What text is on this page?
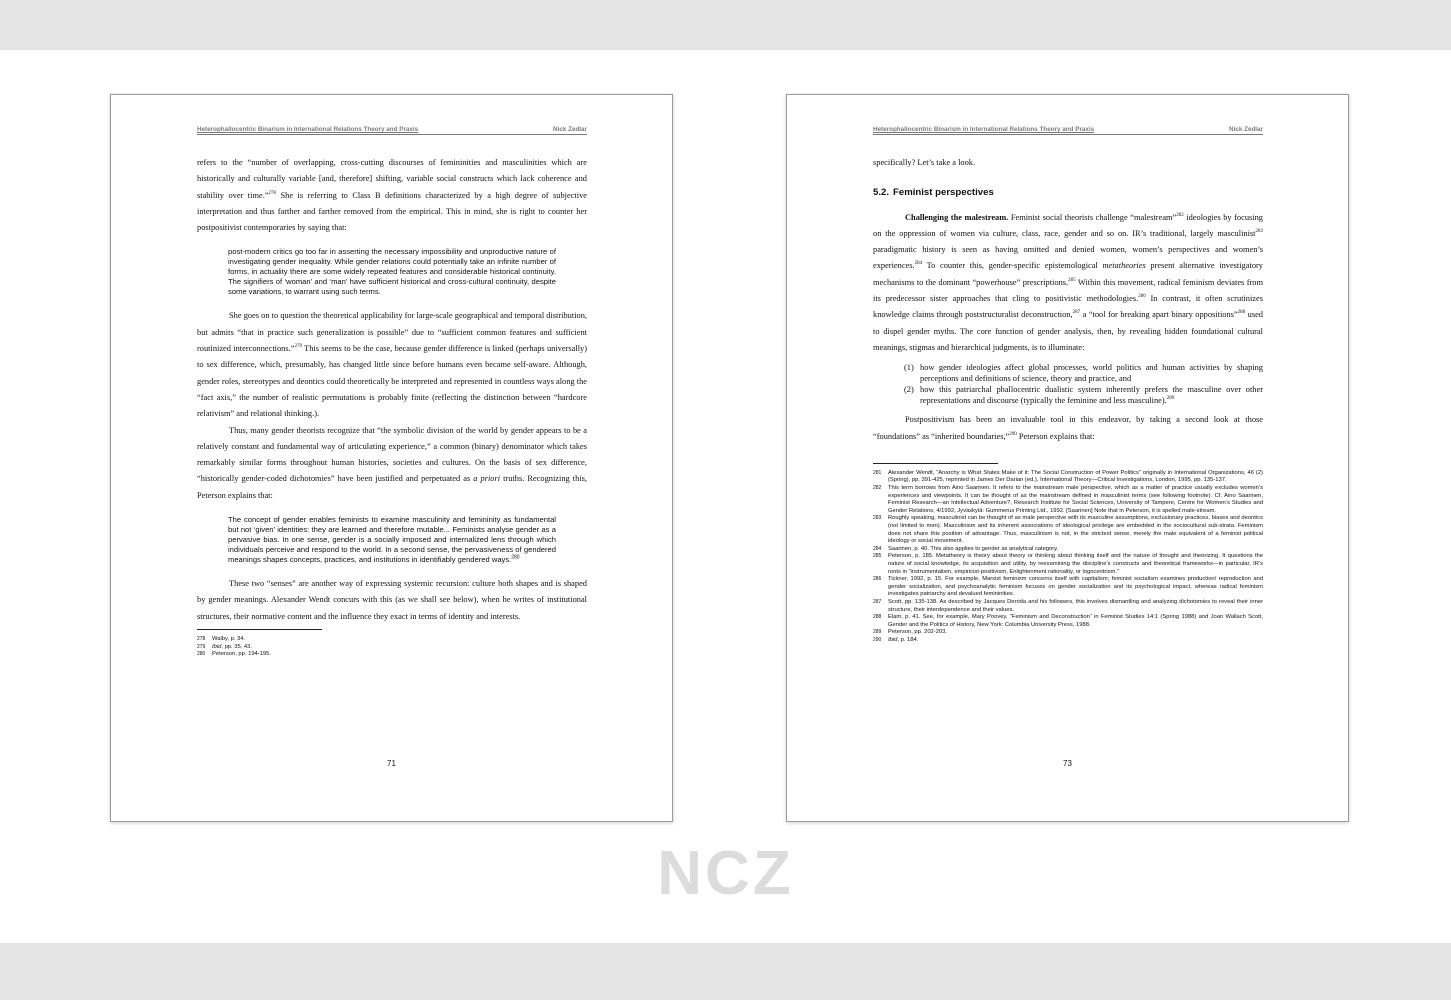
Heterophallocentric Binarism in International Relations Theory and Praxis	Nick Zedlar

refers to the “number of overlapping, cross-cutting discourses of femininities and masculinities which are historically and culturally variable [and, therefore] shifting, variable social constructs which lack coherence and stability over time.”$^{278}$ She is referring to Class B definitions characterized by a high degree of subjective interpretation and thus farther and farther removed from the empirical. This in mind, she is right to counter her postpositivist contemporaries by saying that:

post-modern critics go too far in asserting the necessary impossibility and unproductive nature of investigating gender inequality. While gender relations could potentially take an infinite number of forms, in actuality there are some widely repeated features and considerable historical continuity. The signifiers of ‘woman’ and ‘man’ have sufficient historical and cross-cultural continuity, despite some variations, to warrant using such terms.

She goes on to question the theoretical applicability for large-scale geographical and temporal distribution, but admits “that in practice such generalization is possible” due to “sufficient common features and sufficient routinized interconnections.”$^{279}$ This seems to be the case, because gender difference is linked (perhaps universally) to sex difference, which, presumably, has changed little since before humans even became self-aware. Although, gender roles, stereotypes and deontics could theoretically be interpreted and represented in countless ways along the “fact axis,” the number of realistic permutations is probably finite (reflecting the distinction between “hardcore relativism” and relational thinking.).

Thus, many gender theorists recognize that “the symbolic division of the world by gender appears to be a relatively constant and fundamental way of articulating experience,” a common (binary) denominator which takes remarkably similar forms throughout human histories, societies and cultures. On the basis of sex difference, “historically gender-coded dichotomies” have been justified and perpetuated as a priori truths. Recognizing this, Peterson explains that:

The concept of gender enables feminists to examine masculinity and femininity as fundamental but not ‘given’ identities: they are learned and therefore mutable... Feminists analyse gender as a pervasive bias. In one sense, gender is a socially imposed and internalized lens through which individuals perceive and respond to the world. In a second sense, the pervasiveness of gendered meanings shapes concepts, practices, and institutions in identifiably gendered ways.$^{280}$

These two “senses” are another way of expressing systemic recursion: culture both shapes and is shaped by gender meanings. Alexander Wendt concurs with this (as we shall see below), when he writes of institutional structures, their normative content and the influence they exact in terms of identity and interests.

278	Walby, p. 34.
279	Ibid, pp. 35, 43.
280	Peterson, pp. 194-195.
71
Heterophallocentric Binarism in International Relations Theory and Praxis	Nick Zedlar

specifically? Let’s take a look.

5.2. Feminist perspectives

Challenging the malestream. Feminist social theorists challenge “malestream”$^{282}$ ideologies by focusing on the oppression of women via culture, class, race, gender and so on. IR’s traditional, largely masculinist$^{283}$ paradigmatic history is seen as having omitted and denied women, women’s perspectives and women’s experiences.$^{284}$ To counter this, gender-specific epistemological metatheories present alternative investigatory mechanisms to the dominant “powerhouse” prescriptions.$^{285}$ Within this movement, radical feminism deviates from its predecessor sister approaches that cling to positivistic methodologies.$^{286}$ In contrast, it often scrutinizes knowledge claims through poststructuralist deconstruction,$^{287}$ a “tool for breaking apart binary oppositions”$^{288}$ used to dispel gender myths. The core function of gender analysis, then, by revealing hidden foundational cultural meanings, stigmas and hierarchical judgments, is to illuminate:

(1) how gender ideologies affect global processes, world politics and human activities by shaping perceptions and definitions of science, theory and practice, and
(2) how this patriarchal phallocentric dualistic system inherently prefers the masculine over other representations and discourse (typically the feminine and less masculine).$^{289}$

Postpositivism has been an invaluable tool in this endeavor, by taking a second look at those “foundations” as “inherited boundaries,”$^{290}$ Peterson explains that:

281	Alexander Wendt, “Anarchy is What States Make of it: The Social Construction of Power Politics” originally in International Organizations, 46 (2) (Spring), pp. 391-425, reprinted in James Der Darian (ed.), International Theory—Critical Investigations, London, 1995, pp. 135-137.
282	This term borrows from Aino Saarinen. It refers to the mainstream male perspective, which as a matter of practice usually excludes women’s experiences and viewpoints. It can be thought of as the mainstream defined in masculinist terms (see following footnote). Cf. Aino Saarinen, Feminist Research—an Intellectual Adventure?, Research Institute for Social Sciences, University of Tampere, Centre for Women’s Studies and Gender Relations, 4/1992, Jyväskylä: Gummerus Printing Ltd., 1992. [Saarinen] Note that in Peterson, it is spelled male-stream.
283	Roughly speaking, masculinist can be thought of as male perspective with its masculine assumptions, exclusionary practices, biases and deontics (not limited to men). Masculinism and its inherent associations of ideological privilege are embedded in the sociocultural sub-strata. Feminism does not share this position of advantage. Thus, masculinism is not, in the strictest sense, merely the male equivalent of a feminist political ideology or social movement.
284	Saarinen, p. 40. This also applies to gender as analytical category.
285	Peterson, p. 185. Metatheory is theory about theory or thinking about thinking itself and the nature of thought and theorizing. It questions the nature of social knowledge, its acquisition and utility, by reexamining the discipline’s constructs and theoretical frameworks—in particular, IR’s roots in “instrumentalism, empiricist-positivism, Enlightenment rationality, or logocentrism.”
286	Tickner, 1992, p. 15. For example, Marxist feminism concerns itself with capitalism; feminist socialism examines production/ reproduction and gender socialization, and psychoanalytic feminism focuses on gender socialization and its psychological impact, whereas radical feminism investigates patriarchy and devalued femininities.
287	Scott, pp. 135-138. As described by Jacques Derrida and his followers, this involves dismantling and analyzing dichotomies to reveal their inner structure, their interdependence and their values.
288	Elam, p. 41. See, for example, Mary Poovey, “Feminism and Deconstruction” in Feminist Studies 14:1 (Spring 1988) and Joan Wallach Scott, Gender and the Politics of History, New York: Columbia University Press, 1988.
289	Peterson, pp. 202-203.
290	Ibid, p. 184.
73
NCZ
